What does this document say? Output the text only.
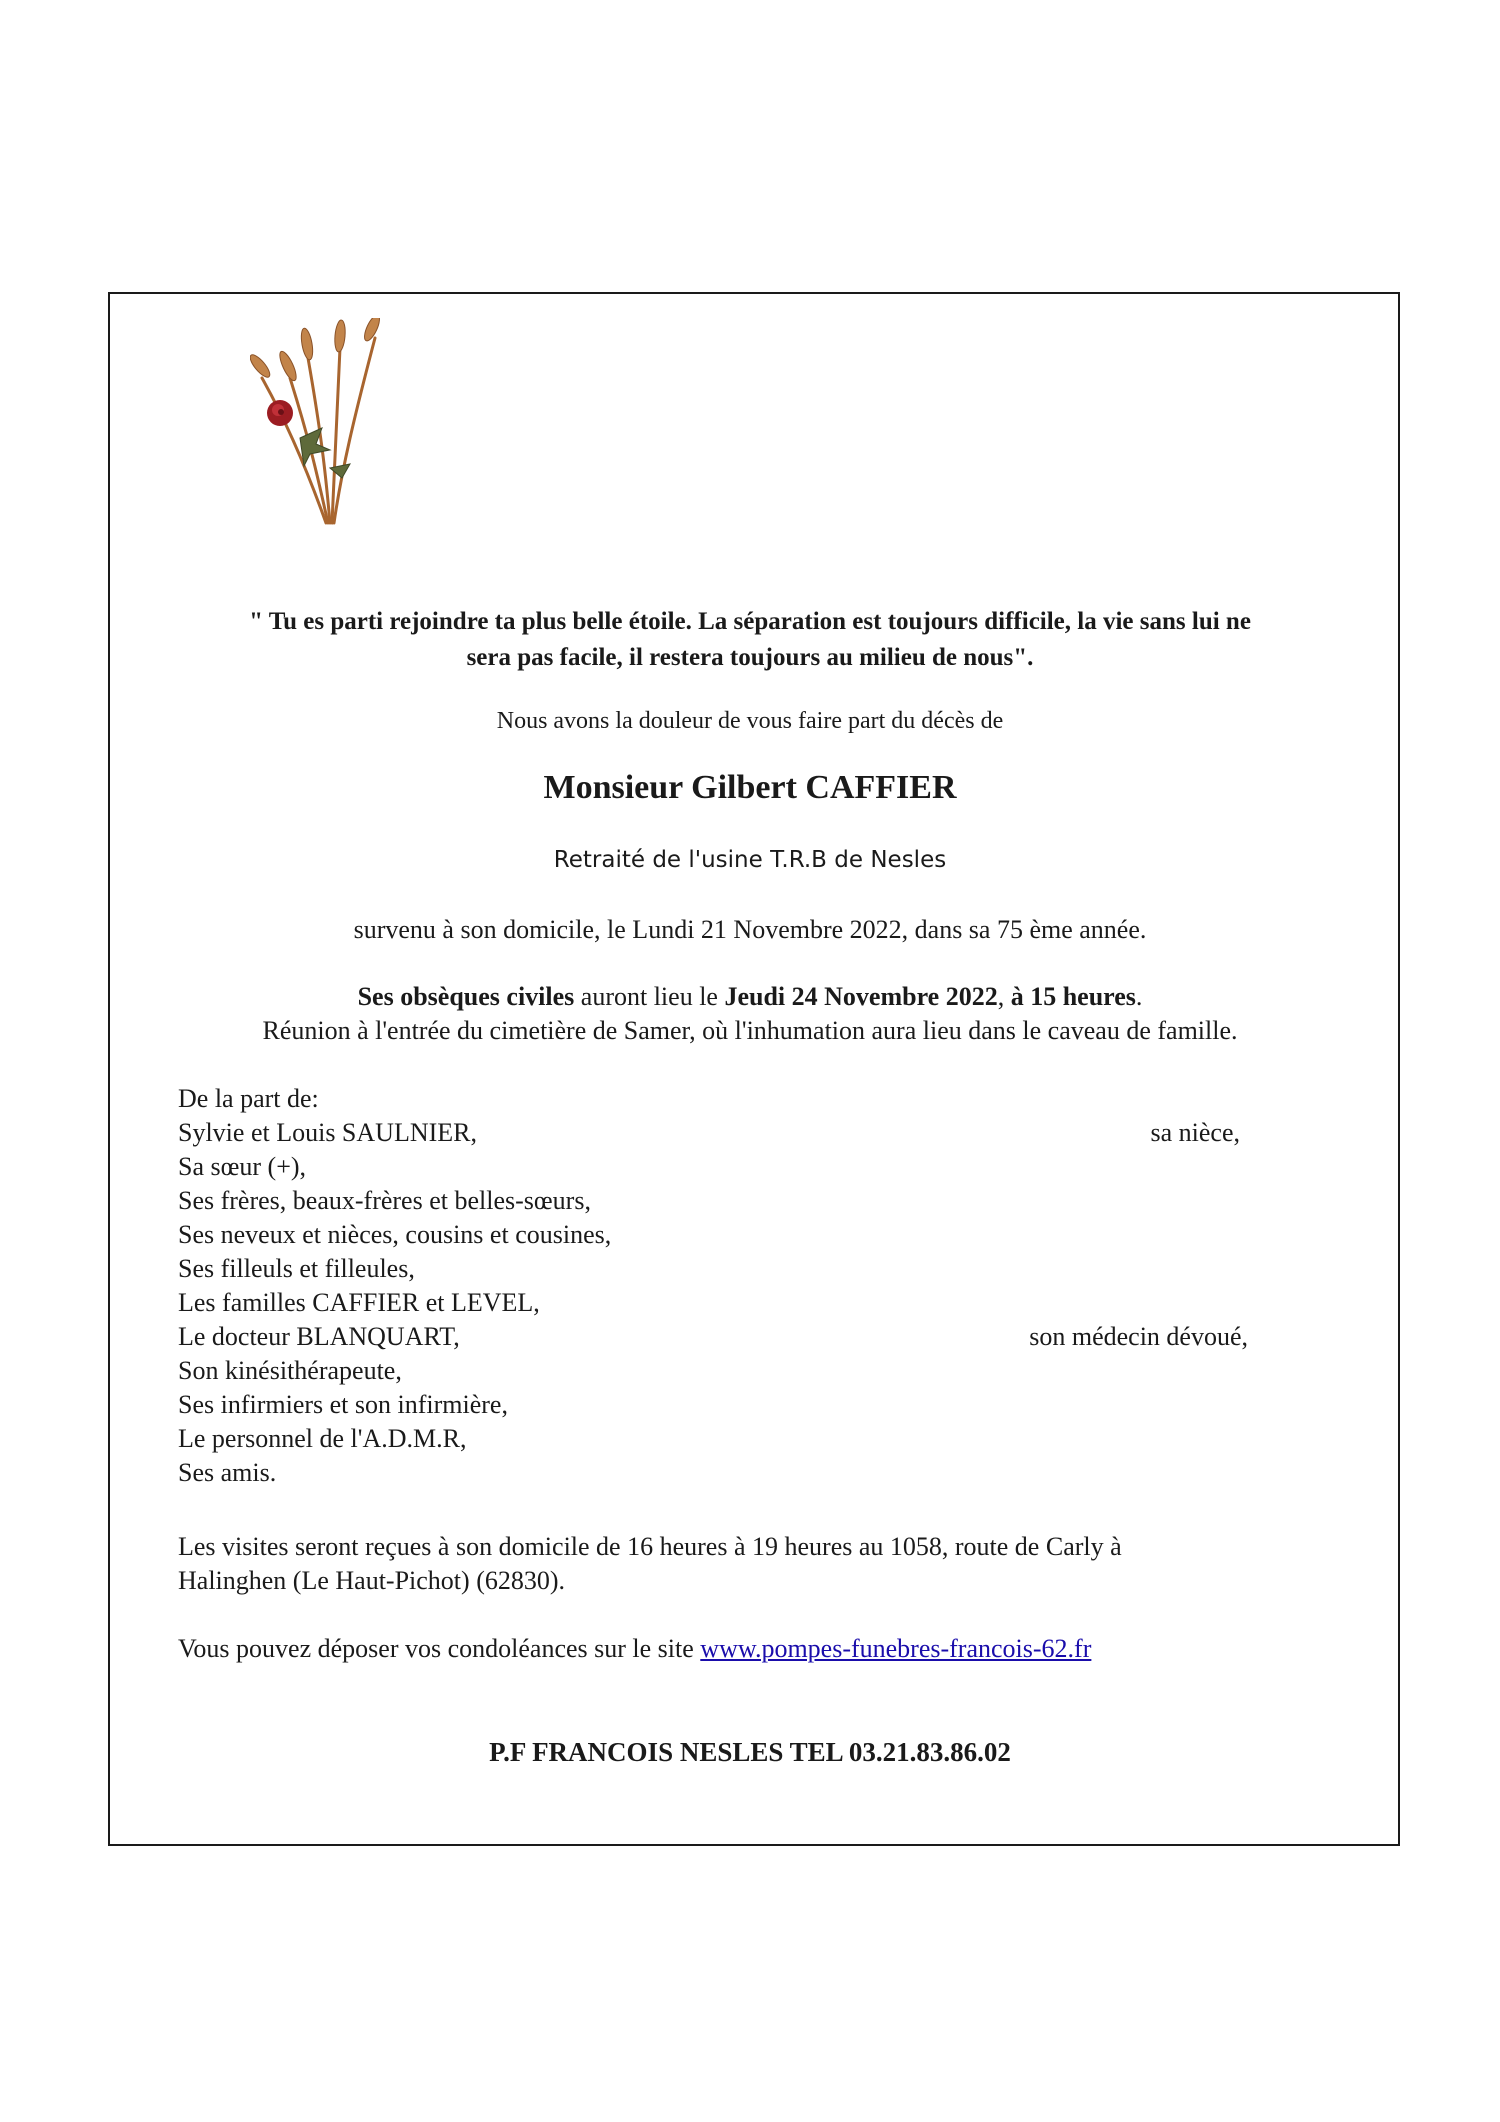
" Tu es parti rejoindre ta plus belle étoile. La séparation est toujours difficile, la vie sans lui ne
sera pas facile, il restera toujours au milieu de nous".

Nous avons la douleur de vous faire part du décès de

Monsieur Gilbert CAFFIER

Retraité de l'usine T.R.B de Nesles

survenu à son domicile, le Lundi 21 Novembre 2022, dans sa 75 ème année.

Ses obsèques civiles auront lieu le Jeudi 24 Novembre 2022, à 15 heures.
Réunion à l'entrée du cimetière de Samer, où l'inhumation aura lieu dans le caveau de famille.
De la part de:
Sylvie et Louis SAULNIER,	sa nièce,
Sa sœur (+),
Ses frères, beaux-frères et belles-sœurs,
Ses neveux et nièces, cousins et cousines,
Ses filleuls et filleules,
Les familles CAFFIER et LEVEL,
Le docteur BLANQUART,	son médecin dévoué,
Son kinésithérapeute,
Ses infirmiers et son infirmière,
Le personnel de l'A.D.M.R,
Ses amis.
Les visites seront reçues à son domicile de 16 heures à 19 heures au 1058, route de Carly à
Halinghen (Le Haut-Pichot) (62830).

Vous pouvez déposer vos condoléances sur le site www.pompes-funebres-francois-62.fr

P.F FRANCOIS NESLES TEL 03.21.83.86.02
